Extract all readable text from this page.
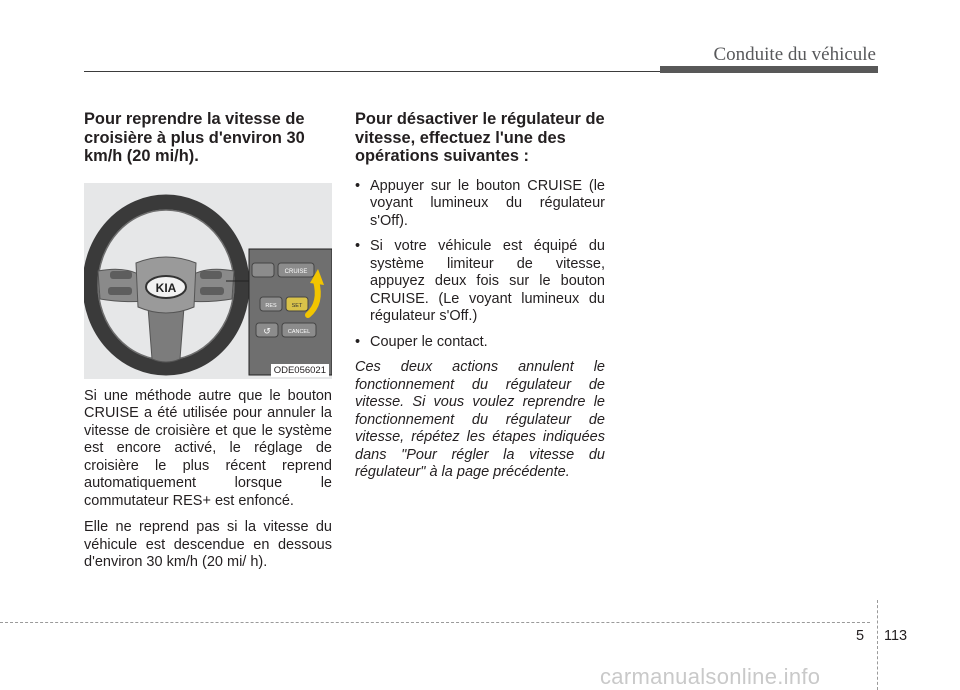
Conduite du véhicule
Pour reprendre la vitesse de croisière à plus d'environ 30 km/h (20 mi/h).
KIA
CRUISE
RES	SET
↺	CANCEL
ODE056021

Si une méthode autre que le bouton CRUISE a été utilisée pour annuler la vitesse de croisière et que le système est encore activé, le réglage de croisière le plus récent reprend automatiquement lorsque le commutateur RES+ est enfoncé.

Elle ne reprend pas si la vitesse du véhicule est descendue en dessous d'environ 30 km/h (20 mi/ h).

Pour désactiver le régulateur de vitesse, effectuez l'une des opérations suivantes :
• Appuyer sur le bouton CRUISE (le voyant lumineux du régulateur s'Off).
• Si votre véhicule est équipé du système limiteur de vitesse, appuyez deux fois sur le bouton CRUISE. (Le voyant lumineux du régulateur s'Off.)
• Couper le contact.

Ces deux actions annulent le fonctionnement du régulateur de vitesse. Si vous voulez reprendre le fonctionnement du régulateur de vitesse, répétez les étapes indiquées dans "Pour régler la vitesse du régulateur" à la page précédente.

5 113

carmanualsonline.info
